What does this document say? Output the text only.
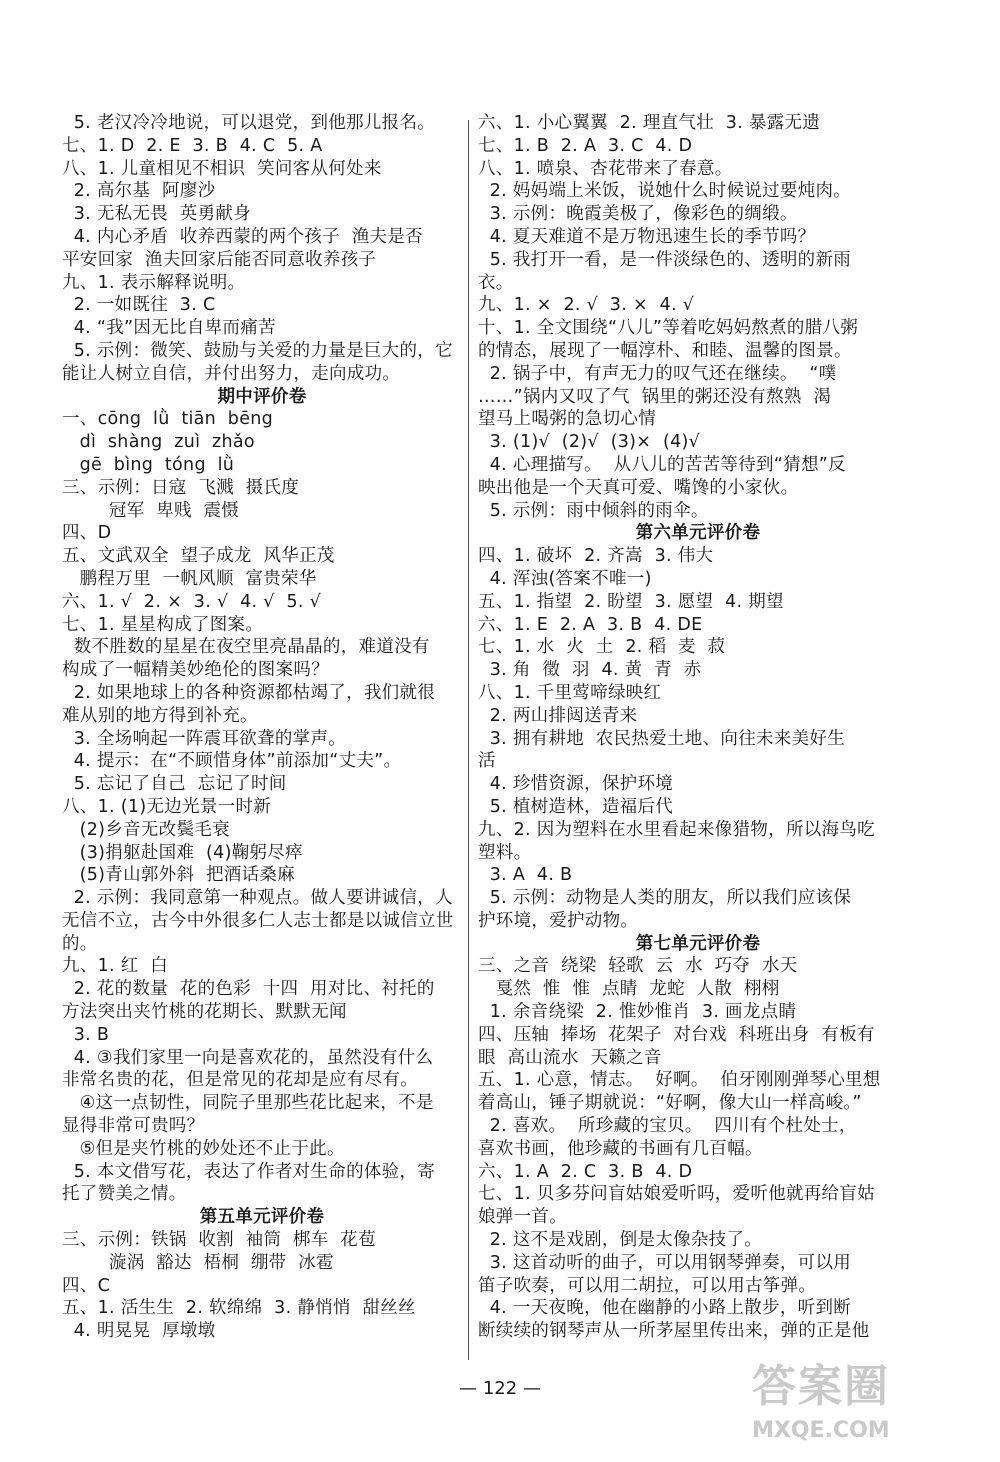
5. 老汉冷冷地说，可以退党，到他那儿报名。
七、1. D  2. E  3. B  4. C  5. A
八、1. 儿童相见不相识  笑问客从何处来
2. 高尔基  阿廖沙
3. 无私无畏  英勇献身
4. 内心矛盾  收养西蒙的两个孩子  渔夫是否
平安回家  渔夫回家后能否同意收养孩子
九、1. 表示解释说明。
2. 一如既往  3. C
4. “我”因无比自卑而痛苦
5. 示例：微笑、鼓励与关爱的力量是巨大的，它
能让人树立自信，并付出努力，走向成功。
期中评价卷
一、cōng  lǜ  tiān  bēng
dì  shàng  zuì  zhǎo
gē  bìng  tóng  lǜ
三、示例：日寇  飞溅  摄氏度
冠军  卑贱  震慑
四、D
五、文武双全  望子成龙  风华正茂
鹏程万里  一帆风顺  富贵荣华
六、1. √  2. ×  3. √  4. √  5. √
七、1. 星星构成了图案。
数不胜数的星星在夜空里亮晶晶的，难道没有
构成了一幅精美妙绝伦的图案吗？
2. 如果地球上的各种资源都枯竭了，我们就很
难从别的地方得到补充。
3. 全场响起一阵震耳欲聋的掌声。
4. 提示：在“不顾惜身体”前添加“丈夫”。
5. 忘记了自己  忘记了时间
八、1. (1)无边光景一时新
(2)乡音无改鬓毛衰
(3)捐躯赴国难  (4)鞠躬尽瘁
(5)青山郭外斜  把酒话桑麻
2. 示例：我同意第一种观点。做人要讲诚信，人
无信不立，古今中外很多仁人志士都是以诚信立世
的。
九、1. 红  白
2. 花的数量  花的色彩  十四  用对比、衬托的
方法突出夹竹桃的花期长、默默无闻
3. B
4. ③我们家里一向是喜欢花的，虽然没有什么
非常名贵的花，但是常见的花却是应有尽有。
④这一点韧性，同院子里那些花比起来，不是
显得非常可贵吗？
⑤但是夹竹桃的妙处还不止于此。
5. 本文借写花，表达了作者对生命的体验，寄
托了赞美之情。
第五单元评价卷
三、示例：铁锅  收割  袖筒  梆车  花苞
漩涡  豁达  梧桐  绷带  冰雹
四、C
五、1. 活生生  2. 软绵绵  3. 静悄悄  甜丝丝
4. 明晃晃  厚墩墩
六、1. 小心翼翼  2. 理直气壮  3. 暴露无遗
七、1. B  2. A  3. C  4. D
八、1. 喷泉、杏花带来了春意。
2. 妈妈端上米饭，说她什么时候说过要炖肉。
3. 示例：晚霞美极了，像彩色的绸缎。
4. 夏天难道不是万物迅速生长的季节吗？
5. 我打开一看，是一件淡绿色的、透明的新雨
衣。
九、1. ×  2. √  3. ×  4. √
十、1. 全文围绕“八儿”等着吃妈妈熬煮的腊八粥
的情态，展现了一幅淳朴、和睦、温馨的图景。
2. 锅子中，有声无力的叹气还在继续。  “噗
……”锅内又叹了气  锅里的粥还没有熬熟  渴
望马上喝粥的急切心情
3. (1)√  (2)√  (3)×  (4)√
4. 心理描写。  从八儿的苦苦等待到“猜想”反
映出他是一个天真可爱、嘴馋的小家伙。
5. 示例：雨中倾斜的雨伞。
第六单元评价卷
四、1. 破坏  2. 齐嵩  3. 伟大
4. 浑浊(答案不唯一)
五、1. 指望  2. 盼望  3. 愿望  4. 期望
六、1. E  2. A  3. B  4. DE
七、1. 水  火  土  2. 稻  麦  菽
3. 角  徵  羽  4. 黄  青  赤
八、1. 千里莺啼绿映红
2. 两山排闼送青来
3. 拥有耕地  农民热爱土地、向往未来美好生
活
4. 珍惜资源，保护环境
5. 植树造林，造福后代
九、2. 因为塑料在水里看起来像猎物，所以海鸟吃
塑料。
3. A  4. B
5. 示例：动物是人类的朋友，所以我们应该保
护环境，爱护动物。
第七单元评价卷
三、之音  绕梁  轻歌  云  水  巧夺  水天
戛然  惟  惟  点睛  龙蛇  人散  栩栩
1. 余音绕梁  2. 惟妙惟肖  3. 画龙点睛
四、压轴  捧场  花架子  对台戏  科班出身  有板有
眼  高山流水  天籁之音
五、1. 心意，情志。  好啊。  伯牙刚刚弹琴心里想
着高山，锤子期就说：“好啊，像大山一样高峻。”
2. 喜欢。  所珍藏的宝贝。  四川有个杜处士，
喜欢书画，他珍藏的书画有几百幅。
六、1. A  2. C  3. B  4. D
七、1. 贝多芬问盲姑娘爱听吗，爱听他就再给盲姑
娘弹一首。
2. 这不是戏剧，倒是太像杂技了。
3. 这首动听的曲子，可以用钢琴弹奏，可以用
笛子吹奏，可以用二胡拉，可以用古筝弹。
4. 一天夜晚，他在幽静的小路上散步，听到断
断续续的钢琴声从一所茅屋里传出来，弹的正是他
— 122 —	答案圈
MXQE.COM
